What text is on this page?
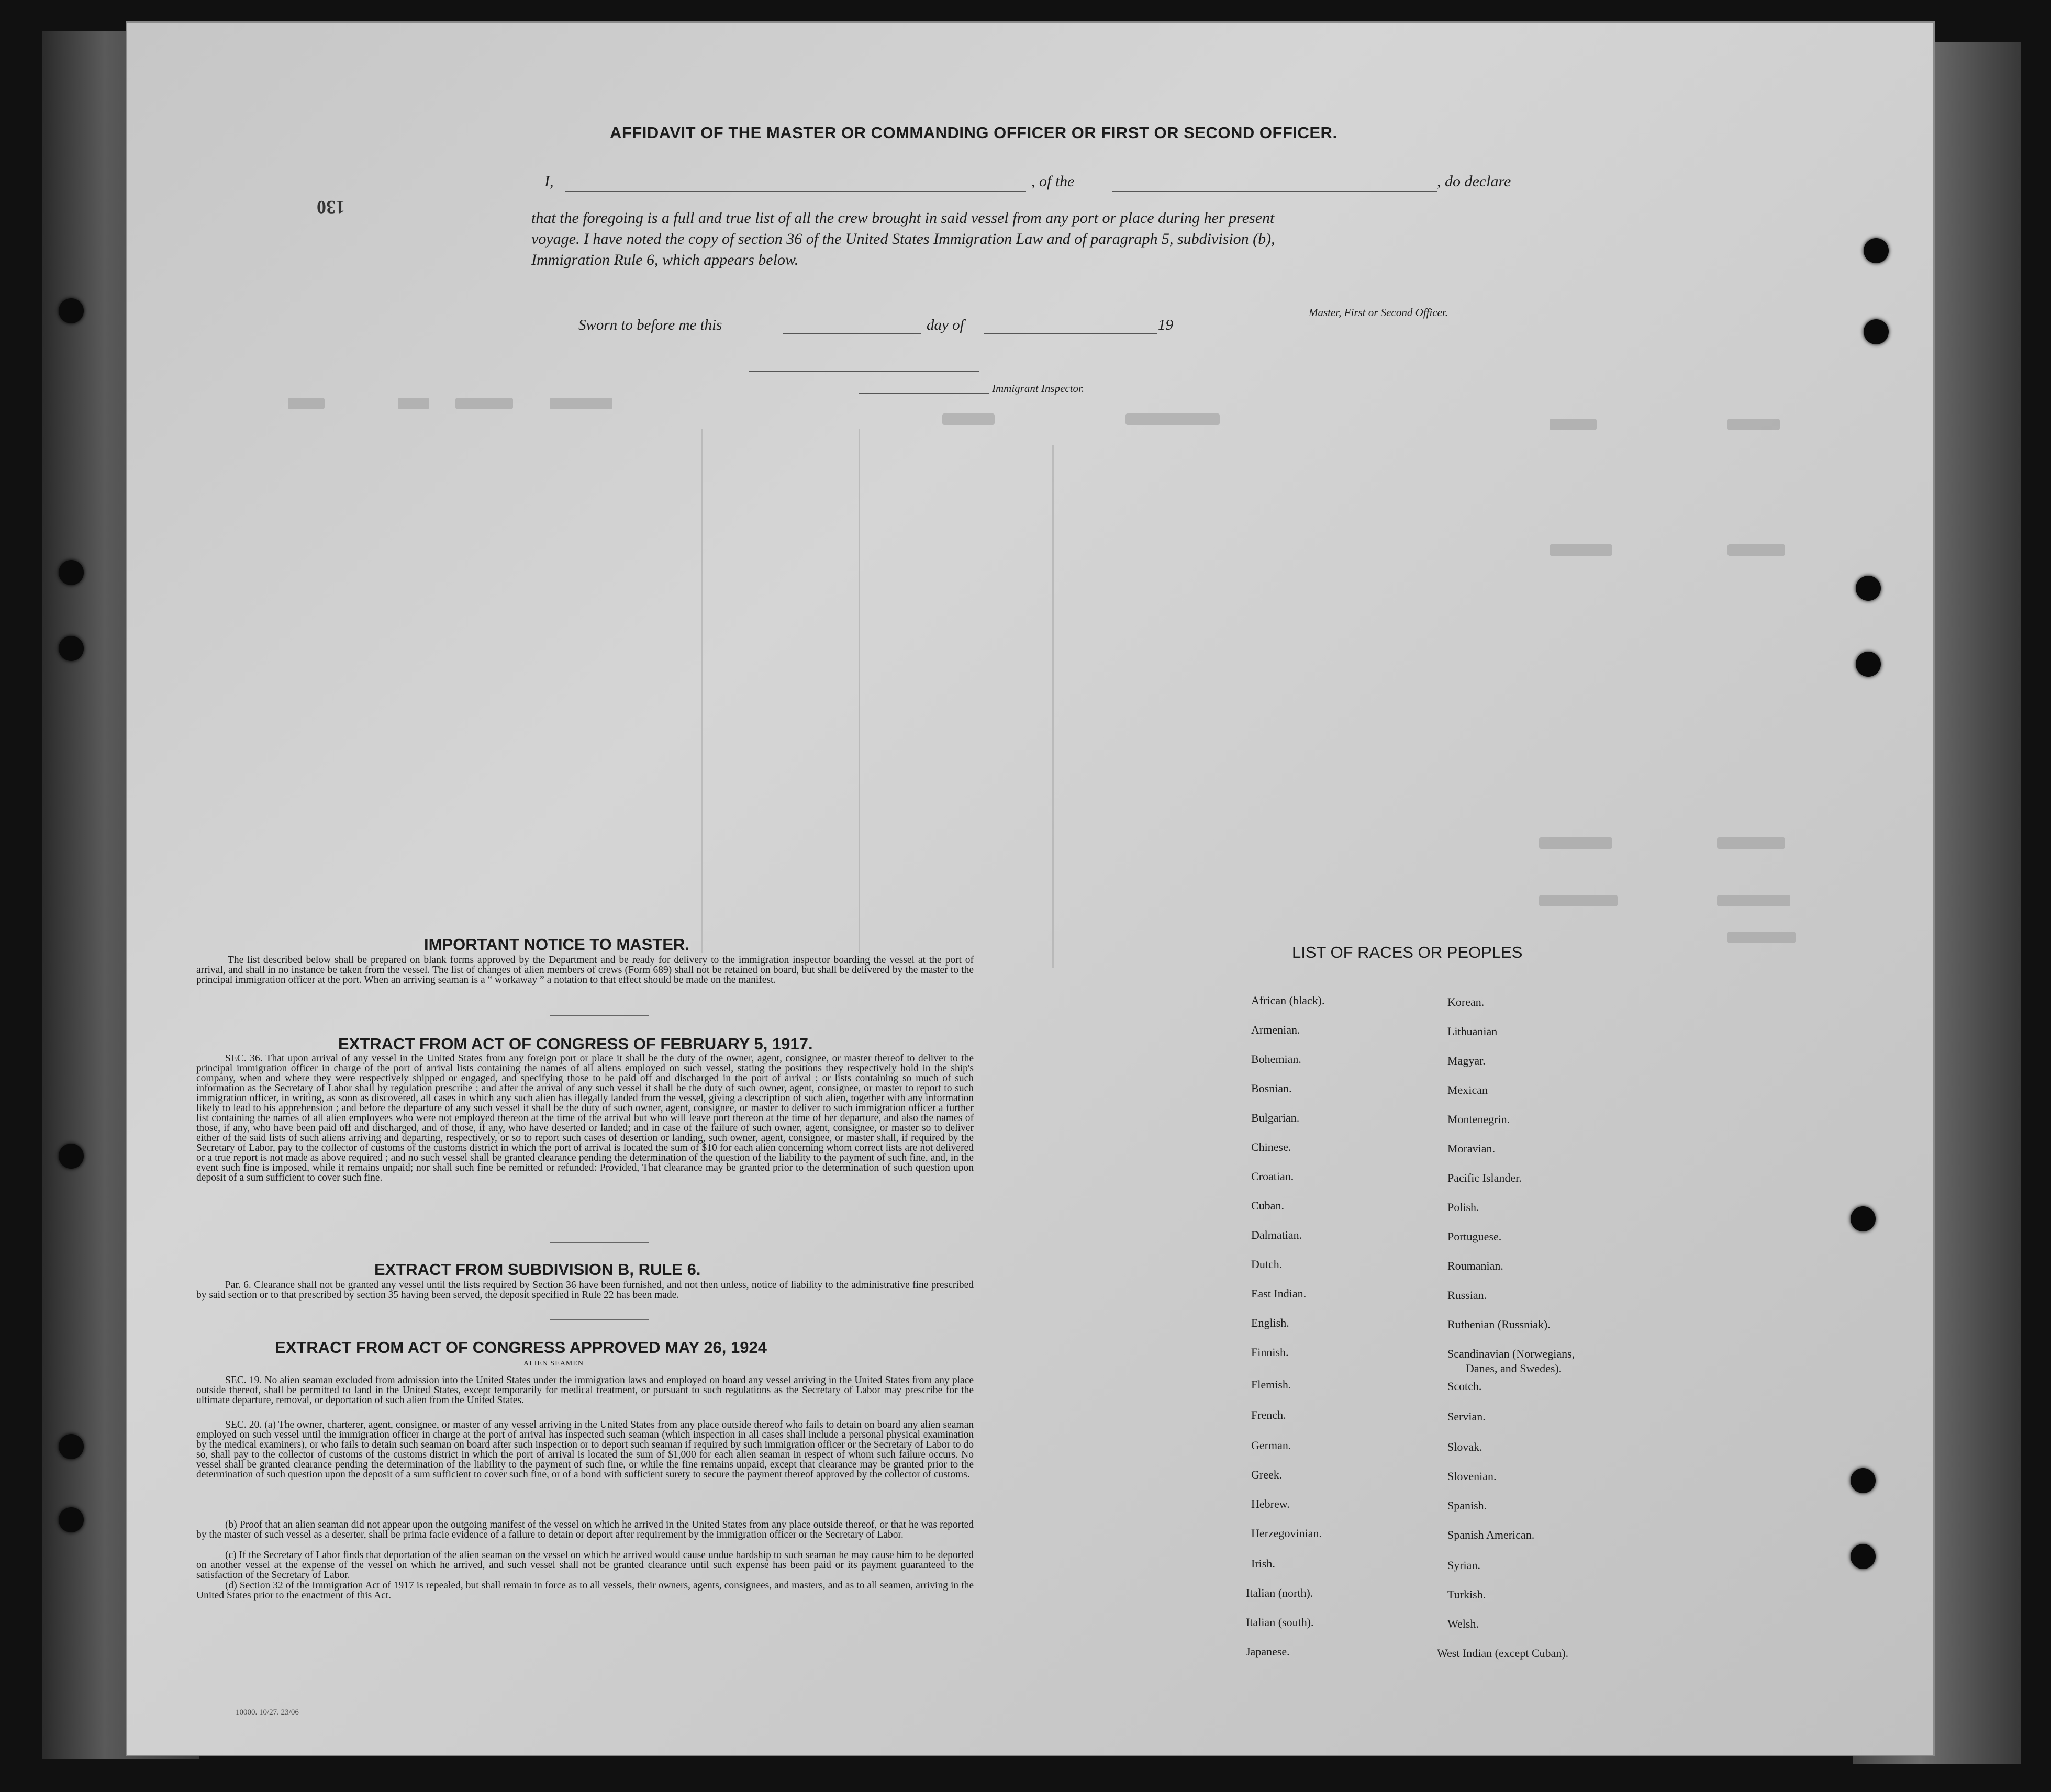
130
AFFIDAVIT OF THE MASTER OR COMMANDING OFFICER OR FIRST OR SECOND OFFICER.
I,	, of the	, do declare
that the foregoing is a full and true list of all the crew brought in said vessel from any port or place during her present
voyage. I have noted the copy of section 36 of the United States Immigration Law and of paragraph 5, subdivision (b),
Immigration Rule 6, which appears below.
Master, First or Second Officer.
Sworn to before me this	day of	19
Immigrant Inspector.
IMPORTANT NOTICE TO MASTER.
The list described below shall be prepared on blank forms approved by the Department and be ready for delivery to the immigration inspector boarding the vessel at the port of arrival, and shall in no instance be taken from the vessel. The list of changes of alien members of crews (Form 689) shall not be retained on board, but shall be delivered by the master to the principal immigration officer at the port. When an arriving seaman is a “ workaway ” a notation to that effect should be made on the manifest.
EXTRACT FROM ACT OF CONGRESS OF FEBRUARY 5, 1917.
SEC. 36. That upon arrival of any vessel in the United States from any foreign port or place it shall be the duty of the owner, agent, consignee, or master thereof to deliver to the principal immigration officer in charge of the port of arrival lists containing the names of all aliens employed on such vessel, stating the positions they respectively hold in the ship's company, when and where they were respectively shipped or engaged, and specifying those to be paid off and discharged in the port of arrival ; or lists containing so much of such information as the Secretary of Labor shall by regulation prescribe ; and after the arrival of any such vessel it shall be the duty of such owner, agent, consignee, or master to report to such immigration officer, in writing, as soon as discovered, all cases in which any such alien has illegally landed from the vessel, giving a description of such alien, together with any information likely to lead to his apprehension ; and before the departure of any such vessel it shall be the duty of such owner, agent, consignee, or master to deliver to such immigration officer a further list containing the names of all alien employees who were not employed thereon at the time of the arrival but who will leave port thereon at the time of her departure, and also the names of those, if any, who have been paid off and discharged, and of those, if any, who have deserted or landed; and in case of the failure of such owner, agent, consignee, or master so to deliver either of the said lists of such aliens arriving and departing, respectively, or so to report such cases of desertion or landing, such owner, agent, consignee, or master shall, if required by the Secretary of Labor, pay to the collector of customs of the customs district in which the port of arrival is located the sum of $10 for each alien concerning whom correct lists are not delivered or a true report is not made as above required ; and no such vessel shall be granted clearance pending the determination of the question of the liability to the payment of such fine, and, in the event such fine is imposed, while it remains unpaid; nor shall such fine be remitted or refunded: Provided, That clearance may be granted prior to the determination of such question upon deposit of a sum sufficient to cover such fine.
EXTRACT FROM SUBDIVISION B, RULE 6.
Par. 6. Clearance shall not be granted any vessel until the lists required by Section 36 have been furnished, and not then unless, notice of liability to the administrative fine prescribed by said section or to that prescribed by section 35 having been served, the deposit specified in Rule 22 has been made.
EXTRACT FROM ACT OF CONGRESS APPROVED MAY 26, 1924
ALIEN SEAMEN
SEC. 19. No alien seaman excluded from admission into the United States under the immigration laws and employed on board any vessel arriving in the United States from any place outside thereof, shall be permitted to land in the United States, except temporarily for medical treatment, or pursuant to such regulations as the Secretary of Labor may prescribe for the ultimate departure, removal, or deportation of such alien from the United States.
SEC. 20. (a) The owner, charterer, agent, consignee, or master of any vessel arriving in the United States from any place outside thereof who fails to detain on board any alien seaman employed on such vessel until the immigration officer in charge at the port of arrival has inspected such seaman (which inspection in all cases shall include a personal physical examination by the medical examiners), or who fails to detain such seaman on board after such inspection or to deport such seaman if required by such immigration officer or the Secretary of Labor to do so, shall pay to the collector of customs of the customs district in which the port of arrival is located the sum of $1,000 for each alien seaman in respect of whom such failure occurs. No vessel shall be granted clearance pending the determination of the liability to the payment of such fine, or while the fine remains unpaid, except that clearance may be granted prior to the determination of such question upon the deposit of a sum sufficient to cover such fine, or of a bond with sufficient surety to secure the payment thereof approved by the collector of customs.
(b) Proof that an alien seaman did not appear upon the outgoing manifest of the vessel on which he arrived in the United States from any place outside thereof, or that he was reported by the master of such vessel as a deserter, shall be prima facie evidence of a failure to detain or deport after requirement by the immigration officer or the Secretary of Labor.
(c) If the Secretary of Labor finds that deportation of the alien seaman on the vessel on which he arrived would cause undue hardship to such seaman he may cause him to be deported on another vessel at the expense of the vessel on which he arrived, and such vessel shall not be granted clearance until such expense has been paid or its payment guaranteed to the satisfaction of the Secretary of Labor.
(d) Section 32 of the Immigration Act of 1917 is repealed, but shall remain in force as to all vessels, their owners, agents, consignees, and masters, and as to all seamen, arriving in the United States prior to the enactment of this Act.
LIST OF RACES OR PEOPLES
African (black).
Armenian.
Bohemian.
Bosnian.
Bulgarian.
Chinese.
Croatian.
Cuban.
Dalmatian.
Dutch.
East Indian.
English.
Finnish.
Flemish.
French.
German.
Greek.
Hebrew.
Herzegovinian.
Irish.
Italian (north).
Italian (south).
Japanese.
Korean.
Lithuanian
Magyar.
Mexican
Montenegrin.
Moravian.
Pacific Islander.
Polish.
Portuguese.
Roumanian.
Russian.
Ruthenian (Russniak).
Scandinavian (Norwegians,
Danes, and Swedes).
Scotch.
Servian.
Slovak.
Slovenian.
Spanish.
Spanish American.
Syrian.
Turkish.
Welsh.
West Indian (except Cuban).
10000. 10/27. 23/06
